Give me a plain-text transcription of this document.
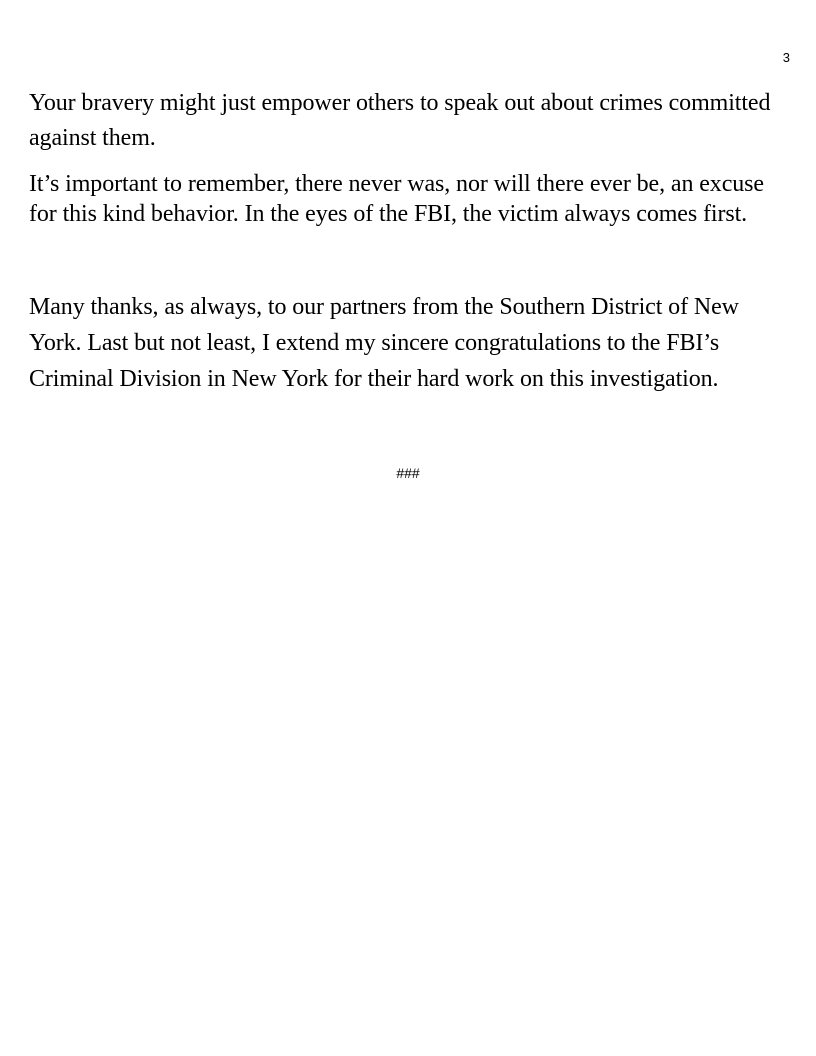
3

Your bravery might just empower others to speak out about crimes committed against them.

It’s important to remember, there never was, nor will there ever be, an excuse for this kind behavior. In the eyes of the FBI, the victim always comes first.

Many thanks, as always, to our partners from the Southern District of New York. Last but not least, I extend my sincere congratulations to the FBI’s Criminal Division in New York for their hard work on this investigation.

###
